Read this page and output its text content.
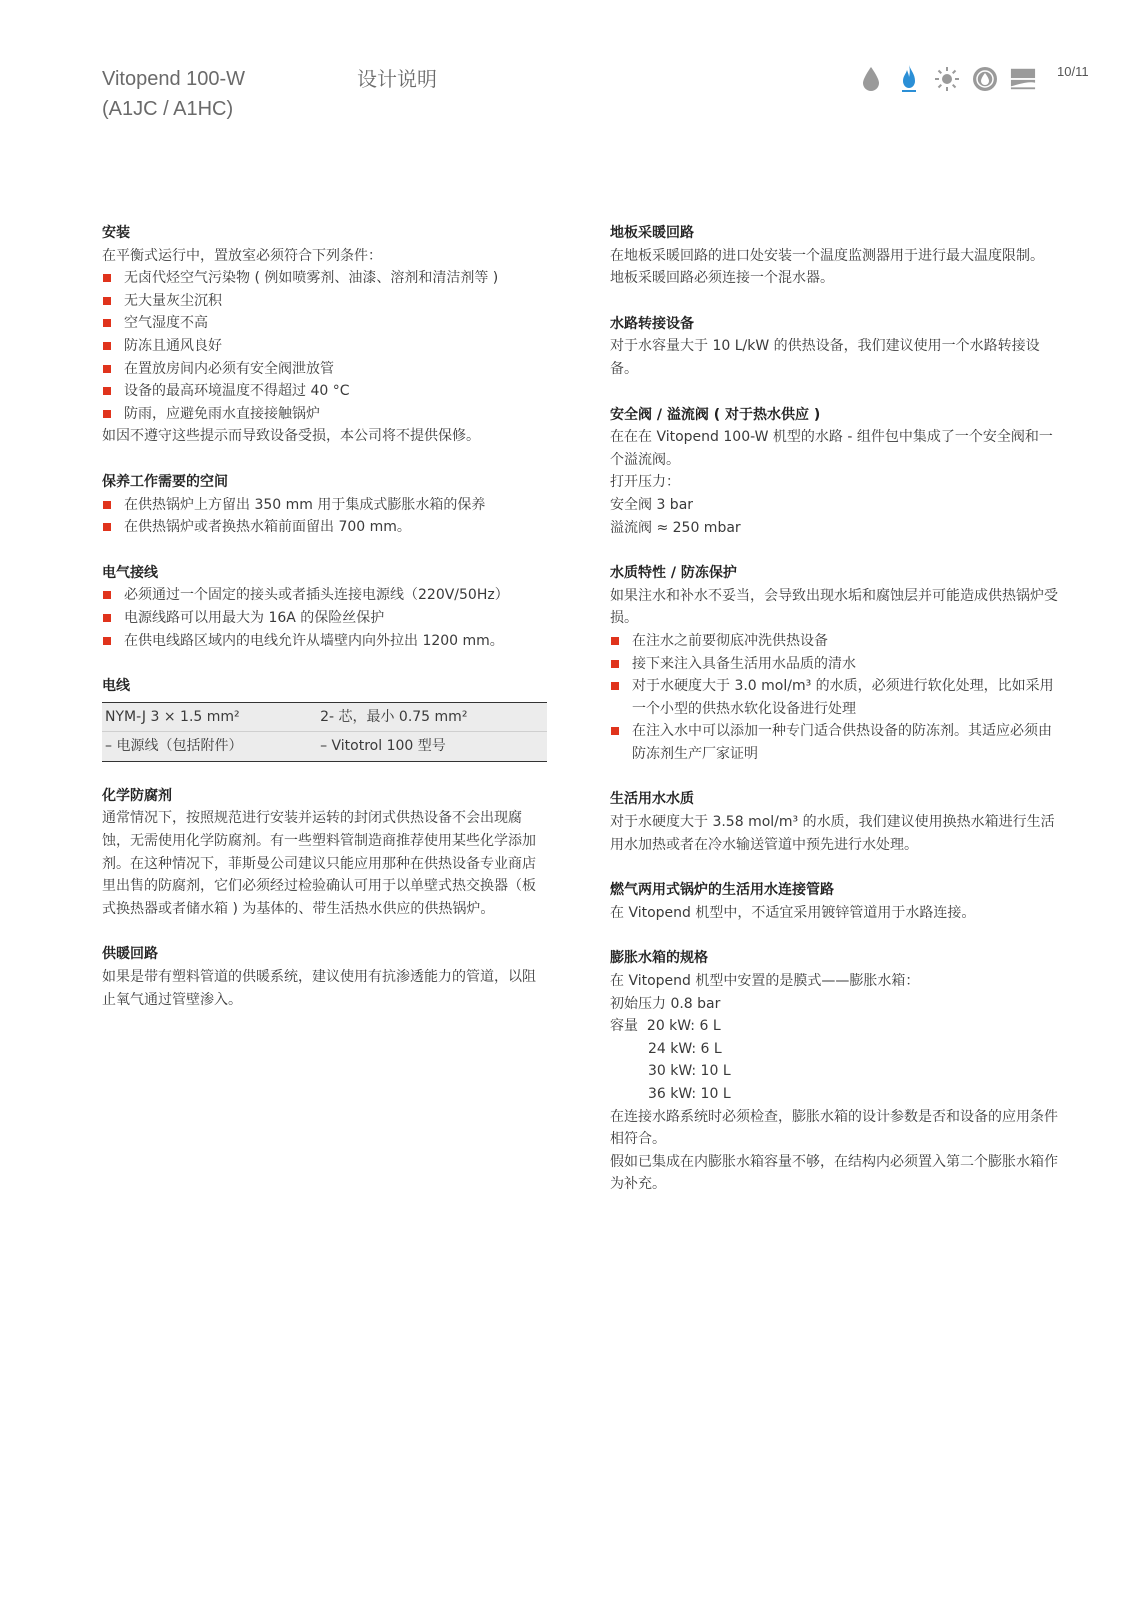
Vitopend 100-W
(A1JC / A1HC)
设计说明	10/11
安装

在平衡式运行中，置放室必须符合下列条件：

无卤代烃空气污染物 ( 例如喷雾剂、油漆、溶剂和清洁剂等 )
无大量灰尘沉积
空气湿度不高
防冻且通风良好
在置放房间内必须有安全阀泄放管
设备的最高环境温度不得超过 40 °C
防雨，应避免雨水直接接触锅炉

如因不遵守这些提示而导致设备受损，本公司将不提供保修。

保养工作需要的空间
在供热锅炉上方留出 350 mm 用于集成式膨胀水箱的保养
在供热锅炉或者换热水箱前面留出 700 mm。
电气接线
必须通过一个固定的接头或者插头连接电源线（220V/50Hz）
电源线路可以用最大为 16A 的保险丝保护
在供电线路区域内的电线允许从墙壁内向外拉出 1200 mm。
电线
NYM-J 3 × 1.5 mm²	2- 芯，最小 0.75 mm²
– 电源线（包括附件）	– Vitotrol 100 型号
化学防腐剂

通常情况下，按照规范进行安装并运转的封闭式供热设备不会出现腐蚀，无需使用化学防腐剂。有一些塑料管制造商推荐使用某些化学添加剂。在这种情况下，菲斯曼公司建议只能应用那种在供热设备专业商店里出售的防腐剂，它们必须经过检验确认可用于以单壁式热交换器（板式换热器或者储水箱 ) 为基体的、带生活热水供应的供热锅炉。

供暖回路

如果是带有塑料管道的供暖系统，建议使用有抗渗透能力的管道，以阻止氧气通过管壁渗入。

地板采暖回路

在地板采暖回路的进口处安装一个温度监测器用于进行最大温度限制。

地板采暖回路必须连接一个混水器。

水路转接设备

对于水容量大于 10 L/kW 的供热设备，我们建议使用一个水路转接设备。

安全阀 / 溢流阀 ( 对于热水供应 )

在在在 Vitopend 100-W 机型的水路 - 组件包中集成了一个安全阀和一个溢流阀。

打开压力：

安全阀 3 bar

溢流阀 ≈ 250 mbar

水质特性 / 防冻保护

如果注水和补水不妥当，会导致出现水垢和腐蚀层并可能造成供热锅炉受损。

在注水之前要彻底冲洗供热设备
接下来注入具备生活用水品质的清水
对于水硬度大于 3.0 mol/m³ 的水质，必须进行软化处理，比如采用一个小型的供热水软化设备进行处理
在注入水中可以添加一种专门适合供热设备的防冻剂。其适应必须由防冻剂生产厂家证明
生活用水水质

对于水硬度大于 3.58 mol/m³ 的水质，我们建议使用换热水箱进行生活用水加热或者在冷水输送管道中预先进行水处理。

燃气两用式锅炉的生活用水连接管路

在 Vitopend 机型中，不适宜采用镀锌管道用于水路连接。

膨胀水箱的规格

在 Vitopend 机型中安置的是膜式——膨胀水箱：

初始压力 0.8 bar

容量 20 kW: 6 L

24 kW: 6 L

30 kW: 10 L

36 kW: 10 L

在连接水路系统时必须检查，膨胀水箱的设计参数是否和设备的应用条件相符合。

假如已集成在内膨胀水箱容量不够，在结构内必须置入第二个膨胀水箱作为补充。
